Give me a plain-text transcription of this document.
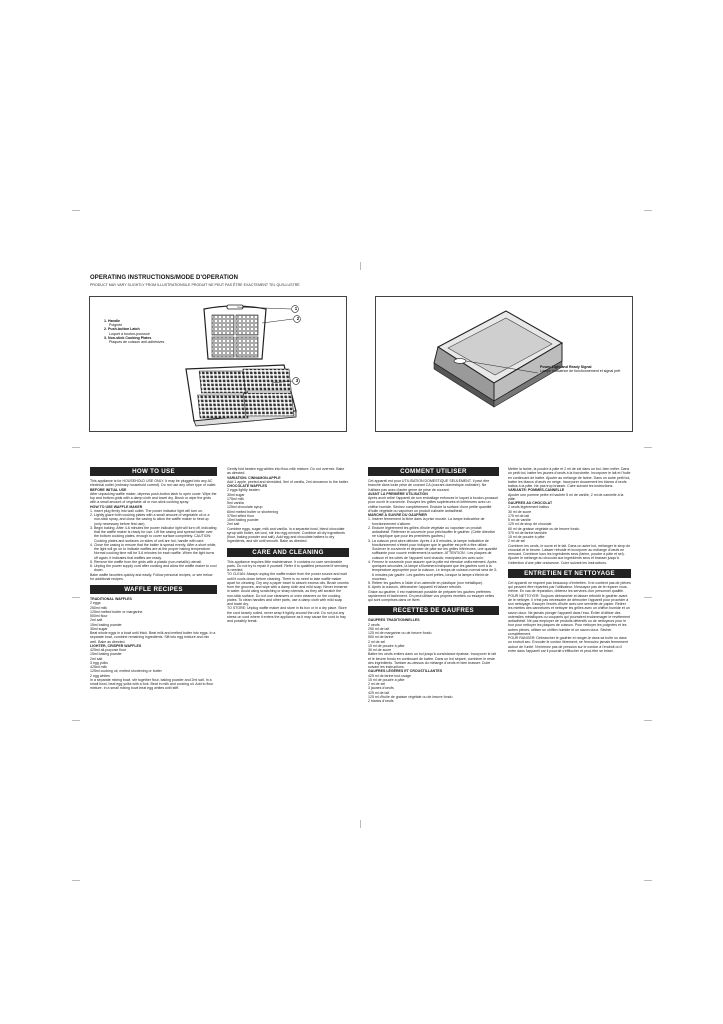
OPERATING INSTRUCTIONS/MODE D'OPERATION
PRODUCT MAY VARY SLIGHTLY FROM ILLUSTRATIONS/LE PRODUIT NE PEUT PAS ÊTRE EXACTEMENT TEL QU'ILLUSTRÉ
1. Handle
Poignée
2. Push-button Latch
Loquet à bouton-poussoir
3. Non-stick Cooking Plates
Plaques de cuisson anti-adhésives
1
2
3
Power Light and Ready Signal
Lampe indicatrice de fonctionnement et signal prêt
HOW TO USE

This appliance is for HOUSEHOLD USE ONLY. It may be plugged into any AC electrical outlet (ordinary household current). Do not use any other type of outlet.

BEFORE INITIAL USE

After unpacking waffle maker, depress push-button latch to open cover. Wipe the top and bottom grids with a damp cloth and towel dry. Brush or wipe the grids with a small amount of vegetable oil or non-stick cooking spray.

HOW TO USE WAFFLE MAKER

1. Insert plug firmly into wall outlet. The power indicator light will turn on.

2. Lightly glaze both cooking plates with a small amount of vegetable oil or a non-stick spray, and close the casing to allow the waffle maker to heat up (only necessary before first use).

3. Begin baking. After 4-6 minutes the power indicator light will turn off, indicating that the waffle maker is ready for use. Lift the casing and spread batter over the bottom cooking plates, enough to cover surface completely. CAUTION: Cooking plates and surfaces on sides of unit are hot, handle with care.

4. Close the casing to ensure that the batter is spread evenly. After a short while, the light will go on to indicate waffles are at the proper baking temperature. Normal cooking time will be 3-6 minutes for each waffle. When the light turns off again, it indicates that waffles are ready.

5. Remove the waffle from the grids with a plastic (non-metallic) utensil.

6. Unplug the power supply cord after cooking and allow the waffle maker to cool down.

Bake waffle favorites quickly and easily. Follow personal recipes, or see below for additional recipes.

WAFFLE RECIPES

TRADITIONAL WAFFLES

2 eggs

250ml milk

125ml melted butter or margarine

500ml flour

2ml salt

15ml baking powder

30ml sugar

Beat whole eggs in a bowl until thick. Beat milk and melted butter into eggs. In a separate bowl, combine remaining ingredients. Sift into egg mixture and mix well. Bake as directed.

LIGHTER, CRISPER WAFFLES

425ml all-purpose flour

15ml baking powder

2ml salt

3 egg yolks

425ml milk

125ml cooking oil, melted shortening or butter

2 egg whites

In a separate mixing bowl, stir together flour, baking powder and 2ml salt. In a small bowl, beat egg yolks with a fork. Beat in milk and cooking oil. Add to flour mixture. In a small mixing bowl beat egg whites until stiff.

Gently fold beaten egg whites into flour-milk mixture. Do not overmix. Bake as directed.

VARIATION: CINNAMON-APPLE

Add 1 apple, peeled and shredded, 5ml of vanilla, 2ml cinnamon to the batter.

CHOCOLATE WAFFLES

2 eggs lightly beaten

30ml sugar

175ml milk

5ml vanilla

125ml chocolate syrup

60ml melted butter or shortening

375ml sifted flour

15ml baking powder

2ml salt

Combine eggs, sugar, milk and vanilla. In a separate bowl, blend chocolate syrup with butter, set cool, stir into egg mixture. Combine all dry ingredients (flour, baking powder and salt). Add egg and chocolate batters to dry ingredients, and stir until smooth. Bake as directed.

CARE AND CLEANING

This appliance requires little maintenance. It contains no user serviceable parts. Do not try to repair it yourself. Refer it to qualified personnel if servicing is needed.

TO CLEAN: Always unplug the waffle maker from the power source and wait until it cools down before cleaning. There is no need to take waffle maker apart for cleaning. Dry any a paper towel to absorb excess oils. Brush crumbs from the grooves, and wipe with a damp cloth and mild soap. Never immerse in water. Avoid using scratching or sharp utensils, as they will scratch the non-stick surface. Do not use cleansers or oven cleaners on the cooking plates. To clean handles and other parts, use a damp cloth with mild soap and towel dry.

TO STORE: Unplug waffle maker and store in its box or in a dry place. Store the cord loosely coiled, never wrap it tightly around the unit. Do not put any stress on cord where it enters the appliance as it may cause the cord to fray and possibly break.

COMMENT UTILISER

Cet appareil est pour UTILISATION DOMESTIQUE SEULEMENT. Il peut être branché dans toute prise de courant CA (courant domestique ordinaire). Ne l'utilisez pas avec d'autre genre de prise de courant.

AVANT LA PREMIÈRE UTILISATION

Après avoir retiré l'appareil de son emballage enfoncez le loquet à bouton-poussoir pour ouvrir le couvercle. Essuyez les grilles supérieures et inférieures avec un chiffon humide. Séchez complètement. Enduire la surface d'une petite quantité d'huile végétale ou vaporiser un produit culinaire antiadhésif.

MARCHE À SUIVRE DU GAUFRIER

1. Insérer fermement la fiche dans la prise murale. La lampe indicatrice de fonctionnement s'allume.

2. Enduire légèrement les grilles d'huile végétale ou vaporiser un produit antiadhésif. Refermer le couvercle pour préchauffer le gaufrier. (Cette directive ne s'applique que pour les premières gaufres.)

3. La cuisson peut alors débuter. Après 4 à 6 minutes, la lampe indicatrice de fonctionnement s'éteint pour indiquer que le gaufrier est prêt à être utilisé. Soulever le couvercle et déposer de pâte sur les grilles inférieures, une quantité suffisante pour couvrir entièrement la surface. ATTENTION : Les plaques de cuisson et les côtés de l'appareil sont chauds; manipulez-les avec soin.

4. Fermez le couvercle pour assurer que la pâte est étendue uniformément. Après quelques secondes, la lampe s'illuminera indiquant que les gaufres sont à la température appropriée pour la cuisson. Le temps de cuisson normal sera de 3-6 minutes par gaufre. Les gaufres sont prêtes, lorsque la lampe s'éteint de nouveau.

5. Retirer les gaufres à l'aide d'un ustensile en plastique (non métallique).

6. Après la cuisson, débrancher l'appareil et laisser refroidir.

Grâce au gaufrier, il est maintenant possible de préparer les gaufres préférées rapidement et facilement. On peut utiliser vos propres recettes ou essayer celles qui sont comprises dans ce livret.

RECETTES DE GAUFRES

GAUFRES TRADITIONNELLES

2 oeufs

250 ml de lait

125 ml de margarine ou de beurre fondu

500 ml de farine

2 ml de sel

15 ml de poudre à pâte

30 ml de sucre

Battre les oeufs entiers dans un bol jusqu'à consistance épaisse. Incorporer le lait et le beurre fondu en continuant de battre. Dans un bol séparé, combiner le reste des ingrédients. Tamiser au-dessus du mélange d'oeufs et bien brasser. Cuire suivant les instructions.

GAUFRES LÉGÈRES ET CROUSTILLANTES

425 ml de farine tout usage

15 ml de poudre à pâte

2 ml de sel

3 jaunes d'oeufs

425 ml de lait

125 ml d'huile de graisse végétale ou de beurre fondu

2 blancs d'oeufs

Mettre la farine, la poudre à pâte et 2 ml de sel dans un bol, bien mêler. Dans un petit bol, battre les jaunes d'oeufs à la fourchette. Incorporer le lait et l'huile en continuant de battre. Ajouter au mélange de farine. Dans un autre petit bol, battre les blancs d'oeufs en neige. Incorporer doucement les blancs d'oeufs battus à la pâte. Ne pas trop brasser. Cuire suivant les instructions.

VARIANTE: POMMES-CANNELLE

Ajouter une pomme pelée et hachée 5 ml de vanille, 2 ml de cannelle à la pâte.

GAUFRES AU CHOCOLAT

2 oeufs légèrement battus

30 ml de sucre

175 ml de lait

5 ml de vanille

125 ml de sirop de chocolat

60 ml de graisse végétale ou de beurre fondu

375 ml de farine tamisée

15 ml de poudre à pâte

2 ml de sel

Combiner les oeufs, le sucre et le lait. Dans un autre bol, mélanger le sirop de chocolat et le beurre. Laisser refroidir et incorporer au mélange d'oeufs en remuant. Combiner tous les ingrédients secs (farine, poudre à pâte et sel). Ajouter le mélange au chocolat aux ingrédients secs et brasser jusqu'à l'obtention d'une pâte onctueuse. Cuire suivant les instructions.

ENTRETIEN ET NETTOYAGE

Cet appareil ne requiert pas beaucoup d'entretien. Il ne contient pas de pièces qui peuvent être réparées par l'utilisateur. N'essayez pas de le réparer vous-même. En cas de réparation, obtenez les services d'un personnel qualifié.

POUR NETTOYER: Toujours débrancher et laisser refroidir le gaufrier avant de le nettoyer. Il n'est pas nécessaire de démonter l'appareil pour procéder à son nettoyage. Essuyer l'excès d'huile avec une serviette de papier. Retirer les miettes des cannelures et nettoyer les grilles avec un chiffon humide et un savon doux. Ne jamais plonger l'appareil dans l'eau. Éviter d'utiliser des ustensiles métalliques ou coupants qui pourraient endommager le revêtement antiadhésif. Ne pas employer de produits détersifs ou de nettoyeurs pour le four pour nettoyer les plaques de cuisson. Pour nettoyer les poignées et les autres pièces, utiliser un chiffon humide et un savon doux. Sécher complètement.

POUR RANGER: Débrancher le gaufrier et ranger-le dans sa boîte ou dans un endroit sec. Enrouler le cordon librement; ne l'enroulez jamais fermement autour de l'unité. N'exercez pas de pression sur le cordon à l'endroit où il entre dans l'appareil car il pourrait s'effilocher et peut-être se briser.
